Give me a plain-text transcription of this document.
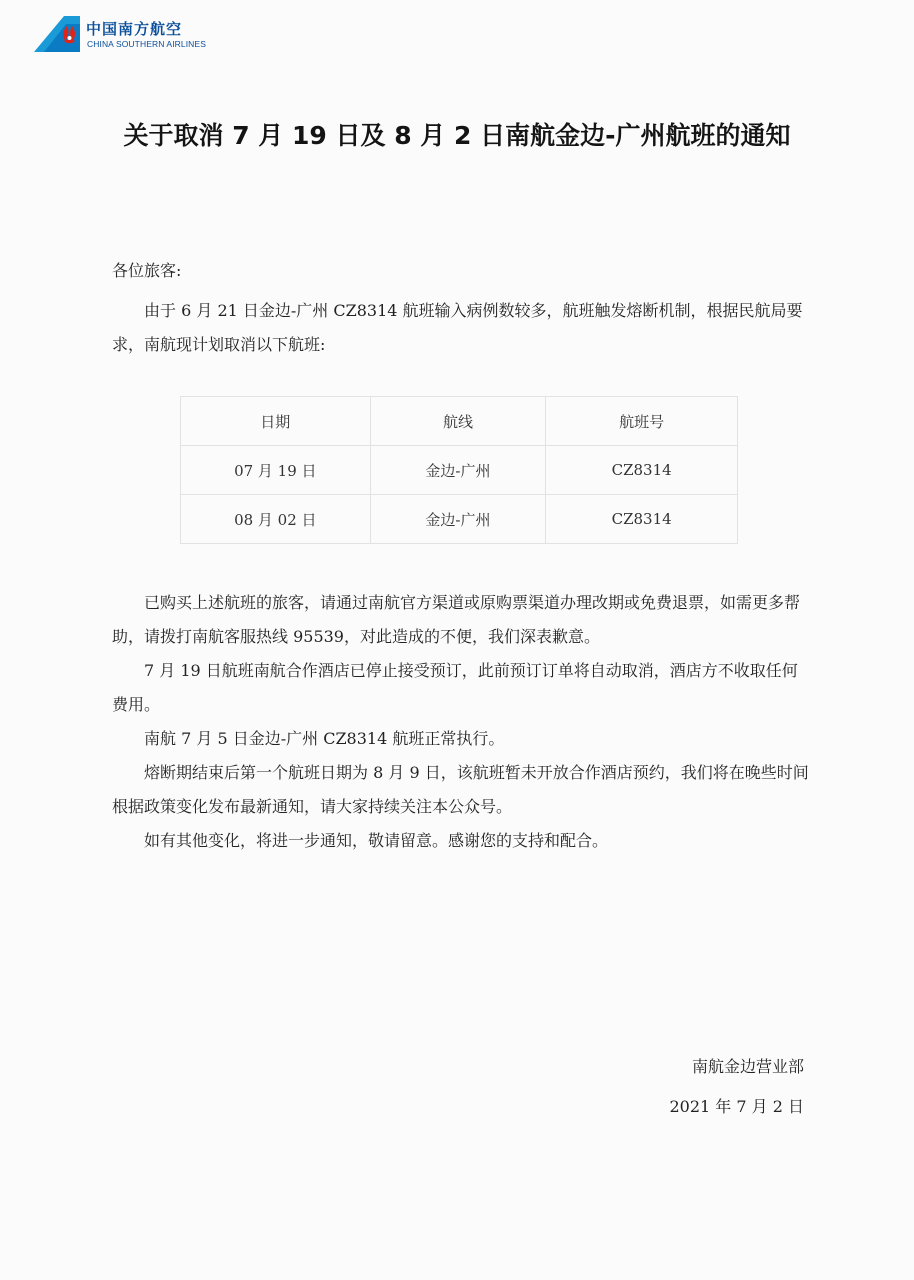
中国南方航空
CHINA SOUTHERN AIRLINES
关于取消 7 月 19 日及 8 月 2 日南航金边-广州航班的通知
各位旅客:

由于 6 月 21 日金边-广州 CZ8314 航班输入病例数较多，航班触发熔断机制，根据民航局要求，南航现计划取消以下航班:

日期	航线	航班号
07 月 19 日	金边-广州	CZ8314
08 月 02 日	金边-广州	CZ8314

已购买上述航班的旅客，请通过南航官方渠道或原购票渠道办理改期或免费退票，如需更多帮助，请拨打南航客服热线 95539，对此造成的不便，我们深表歉意。

7 月 19 日航班南航合作酒店已停止接受预订，此前预订订单将自动取消，酒店方不收取任何费用。

南航 7 月 5 日金边-广州 CZ8314 航班正常执行。

熔断期结束后第一个航班日期为 8 月 9 日，该航班暂未开放合作酒店预约，我们将在晚些时间根据政策变化发布最新通知，请大家持续关注本公众号。

如有其他变化，将进一步通知，敬请留意。感谢您的支持和配合。

南航金边营业部
2021 年 7 月 2 日
